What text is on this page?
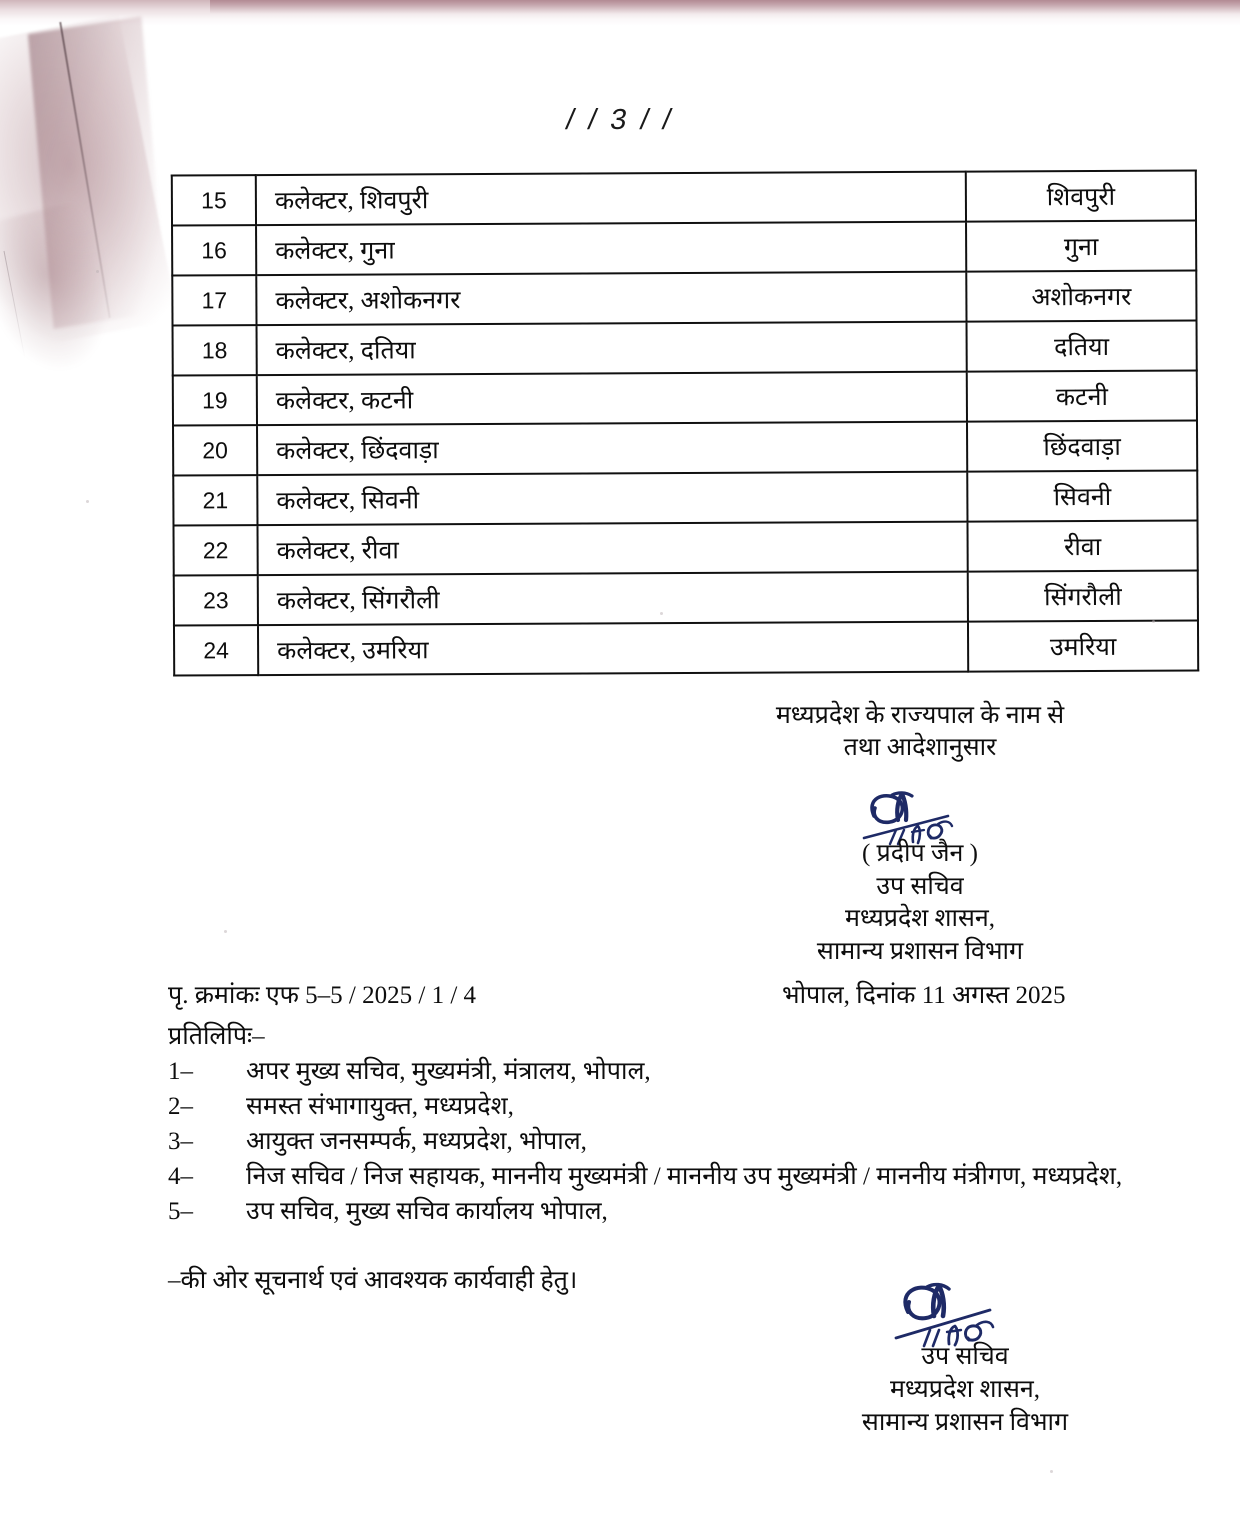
/ / 3 / /
15	कलेक्टर, शिवपुरी	शिवपुरी
16	कलेक्टर, गुना	गुना
17	कलेक्टर, अशोकनगर	अशोकनगर
18	कलेक्टर, दतिया	दतिया
19	कलेक्टर, कटनी	कटनी
20	कलेक्टर, छिंदवाड़ा	छिंदवाड़ा
21	कलेक्टर, सिवनी	सिवनी
22	कलेक्टर, रीवा	रीवा
23	कलेक्टर, सिंगरौली	सिंगरौली
24	कलेक्टर, उमरिया	उमरिया
मध्यप्रदेश के राज्यपाल के नाम से
तथा आदेशानुसार
( प्रदीप जैन )
उप सचिव
मध्यप्रदेश शासन,
सामान्य प्रशासन विभाग
पृ. क्रमांकः एफ 5–5 / 2025 / 1 / 4	भोपाल, दिनांक 11 अगस्त 2025
प्रतिलिपिः–
1–	अपर मुख्य सचिव, मुख्यमंत्री, मंत्रालय, भोपाल,
2–	समस्त संभागायुक्त, मध्यप्रदेश,
3–	आयुक्त जनसम्पर्क, मध्यप्रदेश, भोपाल,
4–	निज सचिव / निज सहायक, माननीय मुख्यमंत्री / माननीय उप मुख्यमंत्री / माननीय मंत्रीगण, मध्यप्रदेश,
5–	उप सचिव, मुख्य सचिव कार्यालय भोपाल,
–की ओर सूचनार्थ एवं आवश्यक कार्यवाही हेतु।
उप सचिव
मध्यप्रदेश शासन,
सामान्य प्रशासन विभाग
